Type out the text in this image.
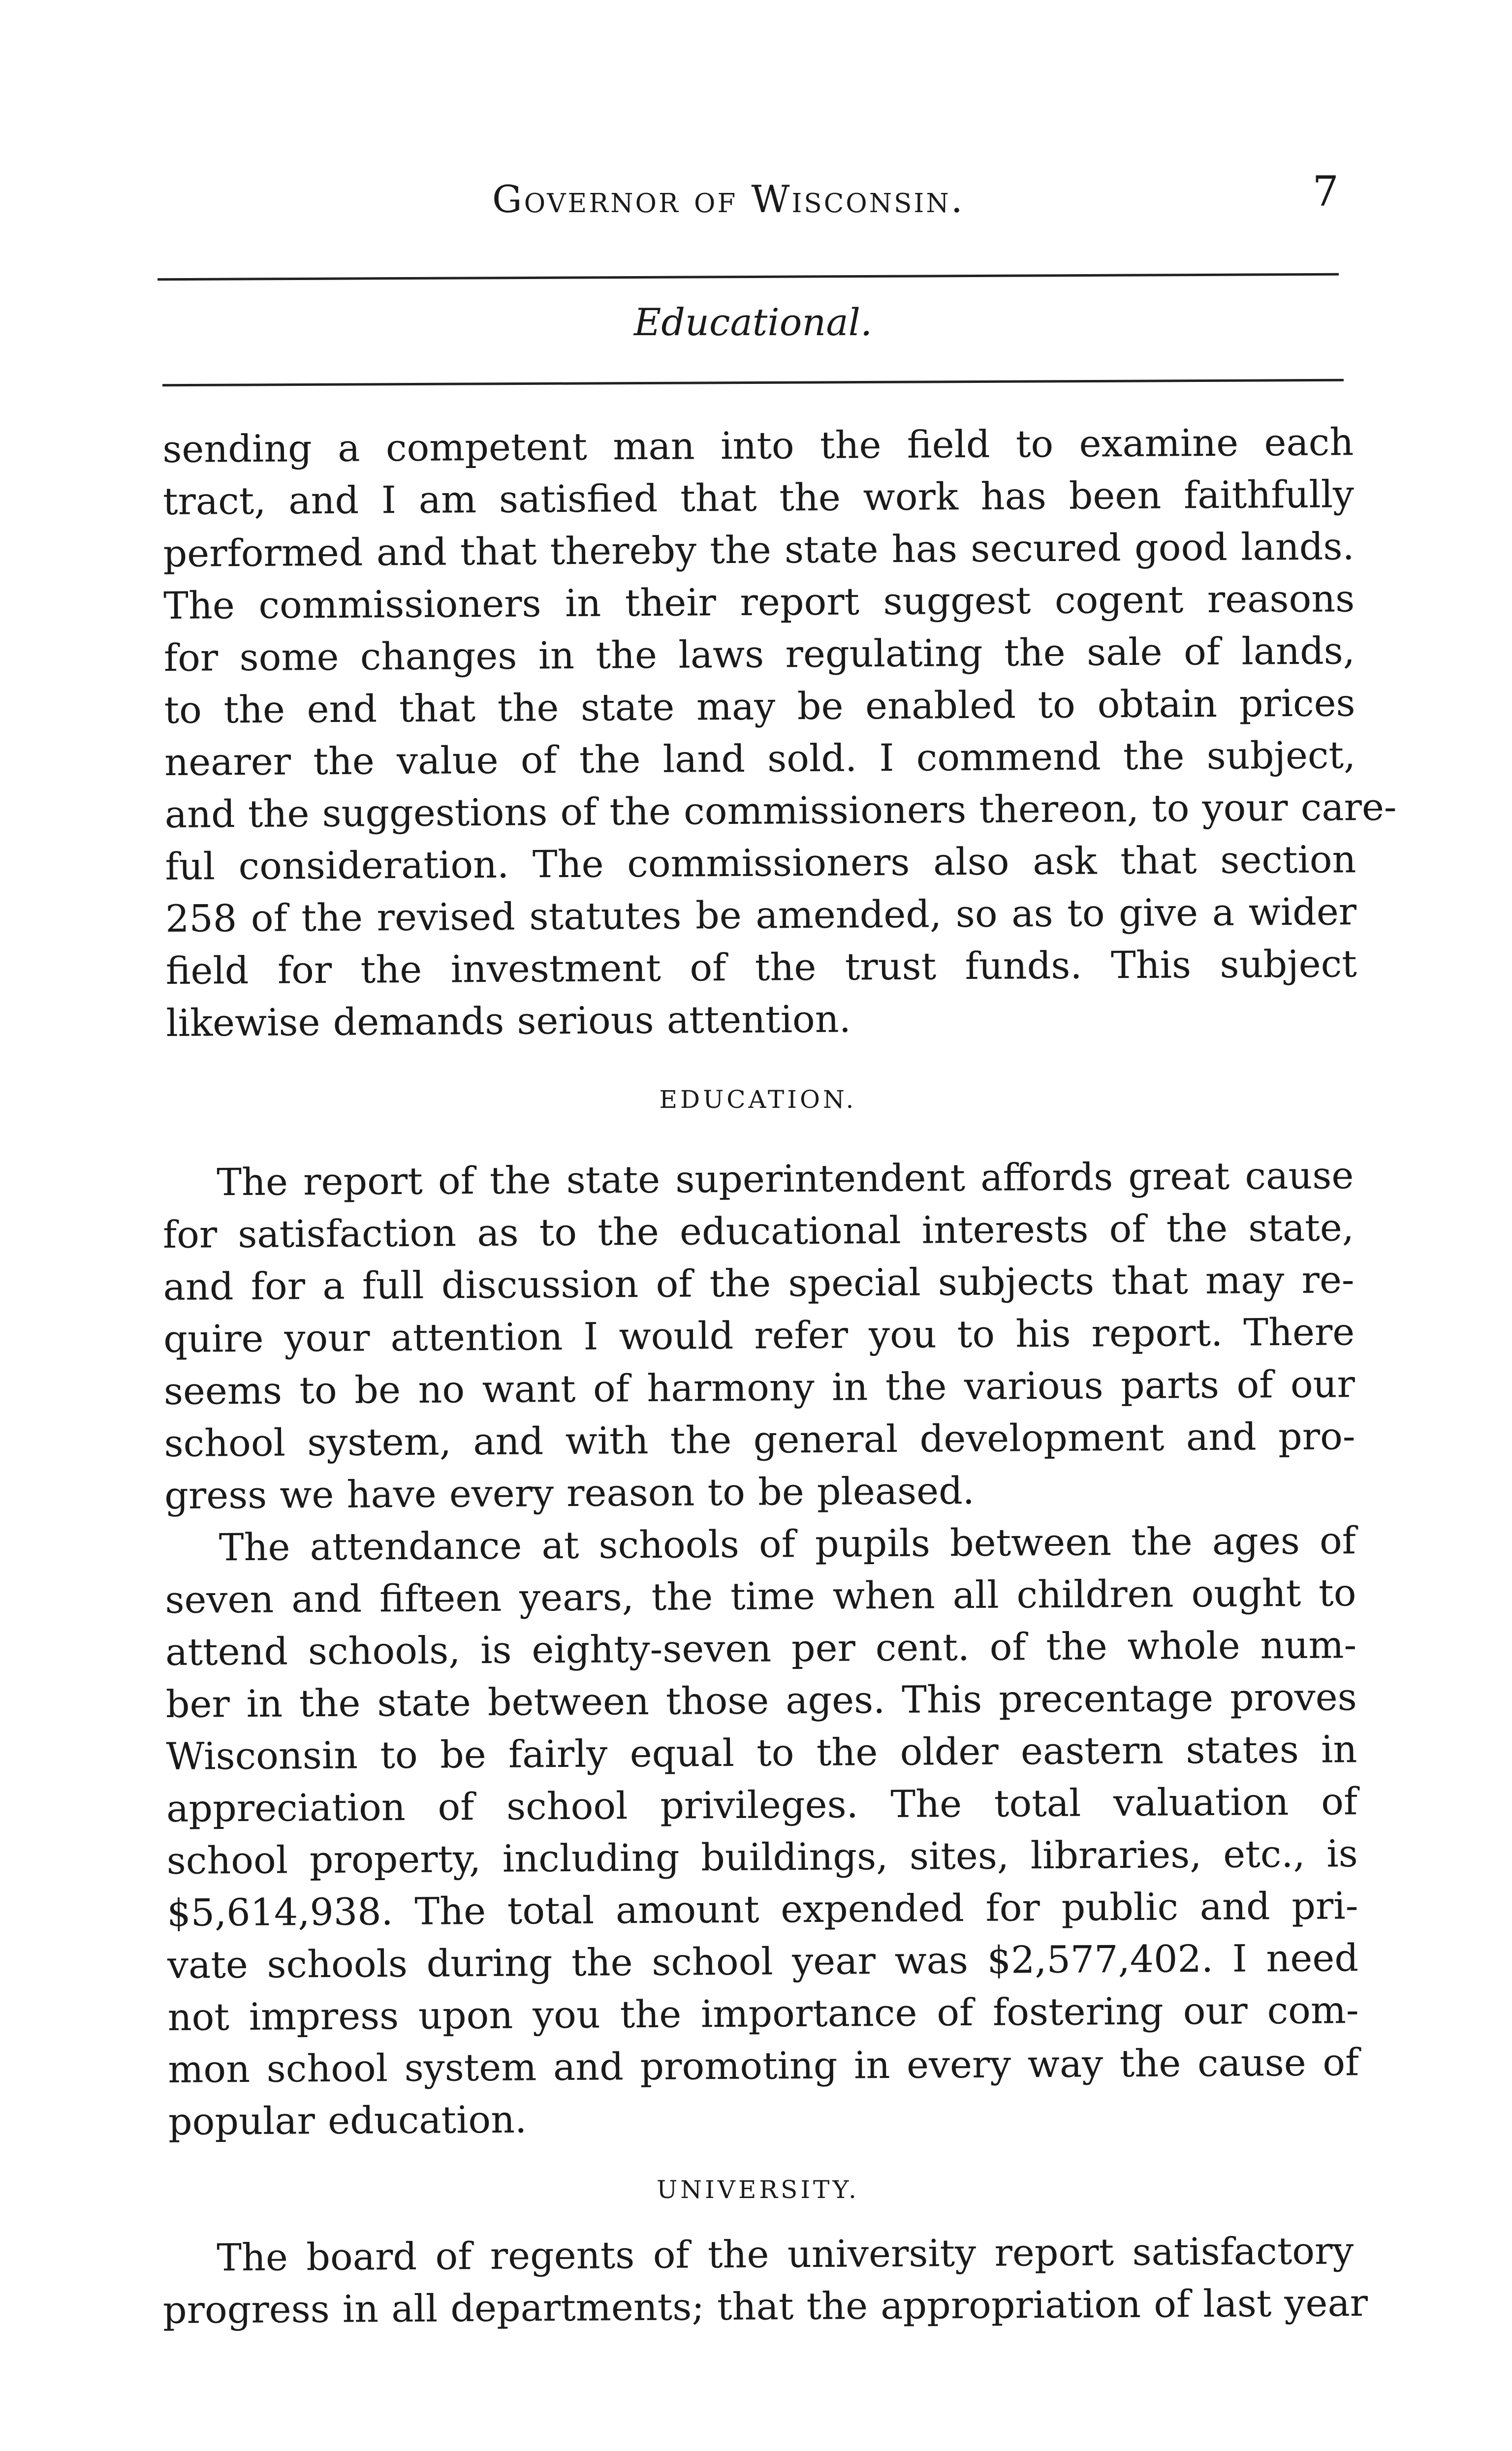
Governor of Wisconsin.	7
Educational.
sending a competent man into the field to examine each
tract, and I am satisfied that the work has been faithfully
performed and that thereby the state has secured good lands.
The commissioners in their report suggest cogent reasons
for some changes in the laws regulating the sale of lands,
to the end that the state may be enabled to obtain prices
nearer the value of the land sold. I commend the subject,
and the suggestions of the commissioners thereon, to your care-
ful consideration. The commissioners also ask that section
258 of the revised statutes be amended, so as to give a wider
field for the investment of the trust funds. This subject
likewise demands serious attention.
EDUCATION.
The report of the state superintendent affords great cause
for satisfaction as to the educational interests of the state,
and for a full discussion of the special subjects that may re-
quire your attention I would refer you to his report. There
seems to be no want of harmony in the various parts of our
school system, and with the general development and pro-
gress we have every reason to be pleased.
The attendance at schools of pupils between the ages of
seven and fifteen years, the time when all children ought to
attend schools, is eighty-seven per cent. of the whole num-
ber in the state between those ages. This precentage proves
Wisconsin to be fairly equal to the older eastern states in
appreciation of school privileges. The total valuation of
school property, including buildings, sites, libraries, etc., is
$5,614,938. The total amount expended for public and pri-
vate schools during the school year was $2,577,402. I need
not impress upon you the importance of fostering our com-
mon school system and promoting in every way the cause of
popular education.
UNIVERSITY.
The board of regents of the university report satisfactory
progress in all departments; that the appropriation of last year
